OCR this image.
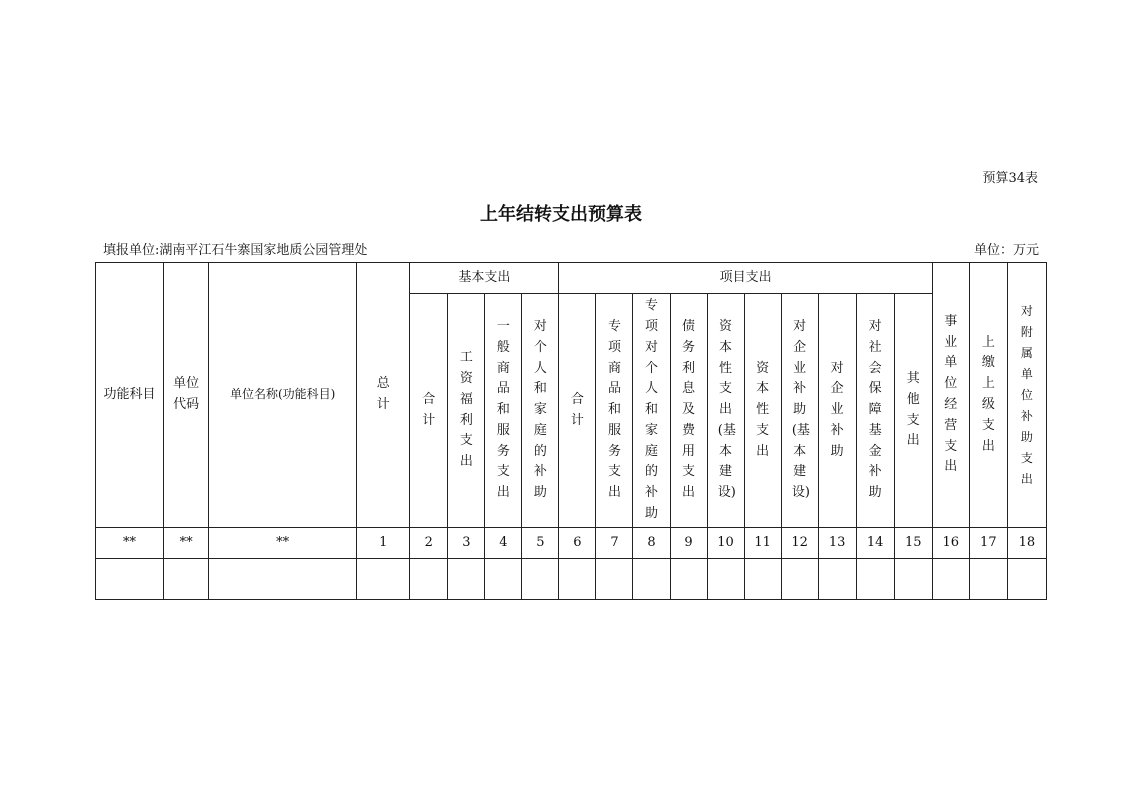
预算34表
上年结转支出预算表
填报单位:湖南平江石牛寨国家地质公园管理处	单位：万元
功能科目	单位代码	单位名称(功能科目)	总计	基本支出				项目支出										事业单位经营支出	上缴上级支出	对附属单位补助支出
				合计	工资福利支出	一般商品和服务支出	对个人和家庭的补助	合计	专项商品和服务支出	专项对个人和家庭的补助	债务利息及费用支出	资本性支出(基本建设)	资本性支出	对企业补助(基本建设)	对企业补助	对社会保障基金补助	其他支出			
**	**	**	1	2	3	4	5	6	7	8	9	10	11	12	13	14	15	16	17	18
